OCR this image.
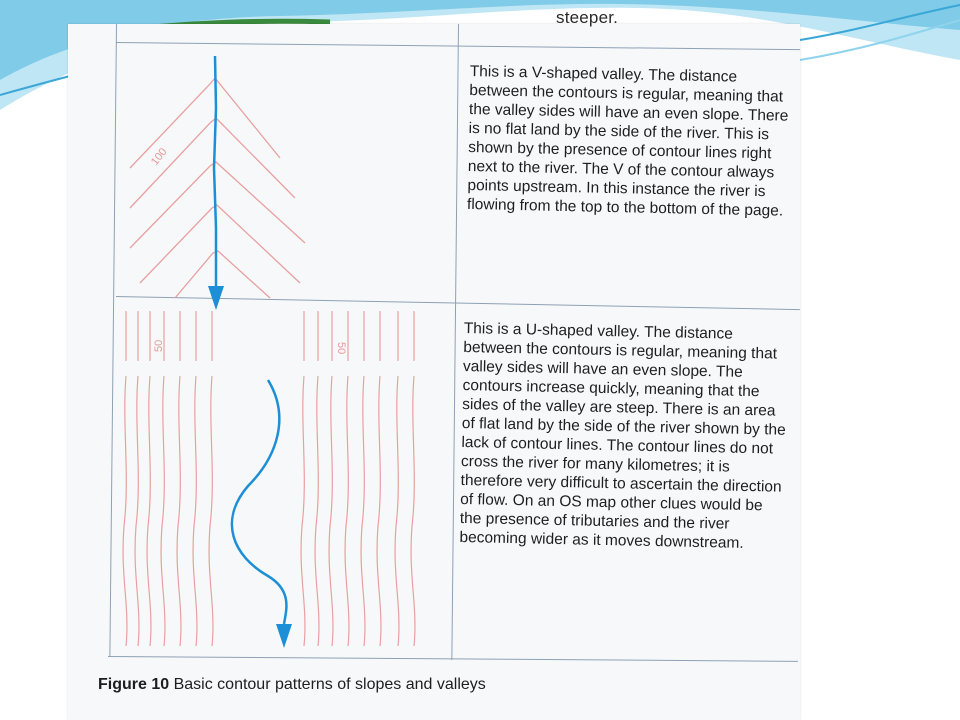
steeper.
100

This is a V-shaped valley. The distance between the contours is regular, meaning that the valley sides will have an even slope. There is no flat land by the side of the river. This is shown by the presence of contour lines right next to the river. The V of the contour always points upstream. In this instance the river is flowing from the top to the bottom of the page.

50	50

This is a U-shaped valley. The distance between the contours is regular, meaning that valley sides will have an even slope. The contours increase quickly, meaning that the sides of the valley are steep. There is an area of flat land by the side of the river shown by the lack of contour lines. The contour lines do not cross the river for many kilometres; it is therefore very difficult to ascertain the direction of flow. On an OS map other clues would be the presence of tributaries and the river becoming wider as it moves downstream.

Figure 10 Basic contour patterns of slopes and valleys
